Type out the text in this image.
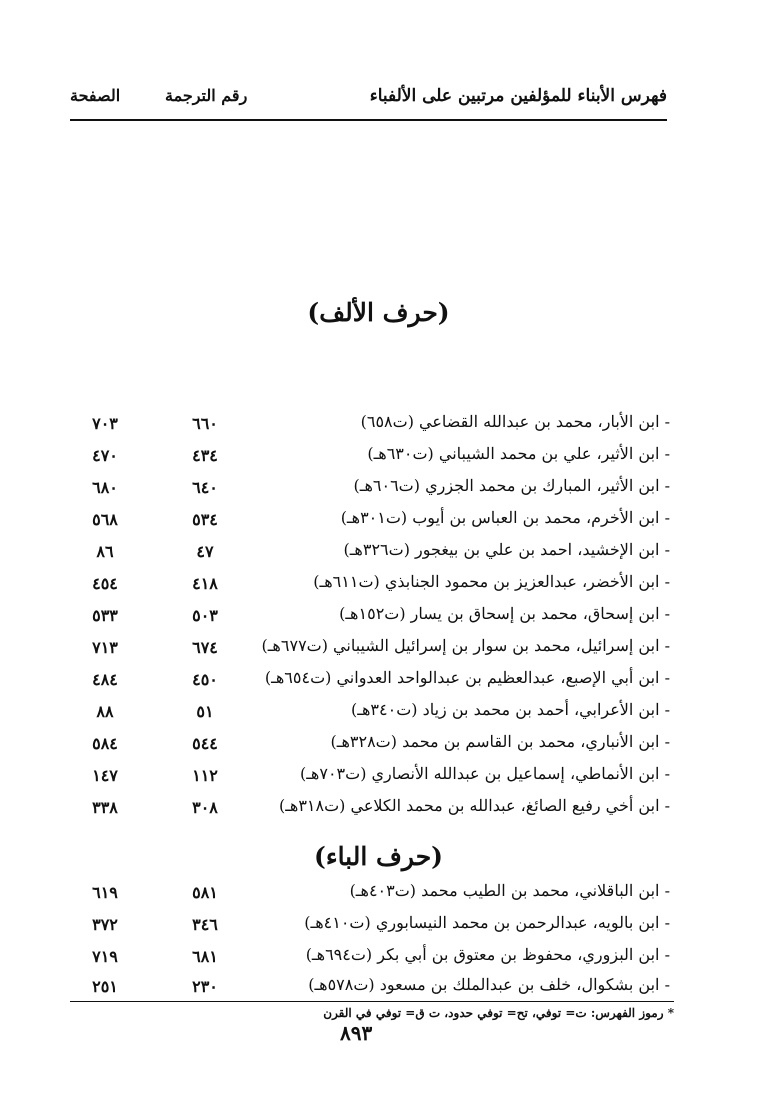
فهرس الأبناء للمؤلفين مرتبين على الألفباء
رقم الترجمة
الصفحة
(حرف الألف)
- ابن الأبار، محمد بن عبدالله القضاعي (ت٦٥٨)
٦٦٠
٧٠٣
- ابن الأثير، علي بن محمد الشيباني (ت٦٣٠هـ)
٤٣٤
٤٧٠
- ابن الأثير، المبارك بن محمد الجزري (ت٦٠٦هـ)
٦٤٠
٦٨٠
- ابن الأخرم، محمد بن العباس بن أيوب (ت٣٠١هـ)
٥٣٤
٥٦٨
- ابن الإخشيد، احمد بن علي بن بيغجور (ت٣٢٦هـ)
٤٧
٨٦
- ابن الأخضر، عبدالعزيز بن محمود الجنابذي (ت٦١١هـ)
٤١٨
٤٥٤
- ابن إسحاق، محمد بن إسحاق بن يسار (ت١٥٢هـ)
٥٠٣
٥٣٣
- ابن إسرائيل، محمد بن سوار بن إسرائيل الشيباني (ت٦٧٧هـ)
٦٧٤
٧١٣
- ابن أبي الإصبع، عبدالعظيم بن عبدالواحد العدواني (ت٦٥٤هـ)
٤٥٠
٤٨٤
- ابن الأعرابي، أحمد بن محمد بن زياد (ت٣٤٠هـ)
٥١
٨٨
- ابن الأنباري، محمد بن القاسم بن محمد (ت٣٢٨هـ)
٥٤٤
٥٨٤
- ابن الأنماطي، إسماعيل بن عبدالله الأنصاري (ت٧٠٣هـ)
١١٢
١٤٧
- ابن أخي رفيع الصائغ، عبدالله بن محمد الكلاعي (ت٣١٨هـ)
٣٠٨
٣٣٨
(حرف الباء)
- ابن الباقلاني، محمد بن الطيب محمد (ت٤٠٣هـ)
٥٨١
٦١٩
- ابن بالويه، عبدالرحمن بن محمد النيسابوري (ت٤١٠هـ)
٣٤٦
٣٧٢
- ابن البزوري، محفوظ بن معتوق بن أبي بكر (ت٦٩٤هـ)
٦٨١
٧١٩
- ابن بشكوال، خلف بن عبدالملك بن مسعود (ت٥٧٨هـ)
٢٣٠
٢٥١
* رموز الفهرس: ت= توفي، تح= توفي حدود، ت ق= توفي في القرن
٨٩٣
